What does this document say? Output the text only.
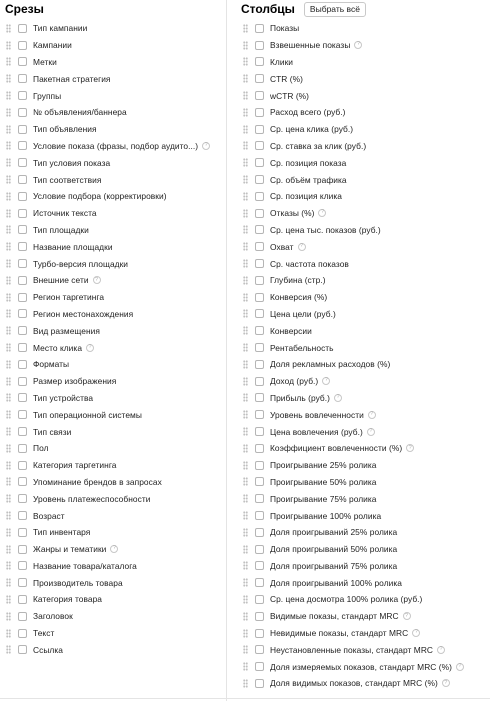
Срезы
Тип кампании
Кампании
Метки
Пакетная стратегия
Группы
№ объявления/баннера
Тип объявления
Условие показа (фразы, подбор аудито...)	?
Тип условия показа
Тип соответствия
Условие подбора (корректировки)
Источник текста
Тип площадки
Название площадки
Турбо-версия площадки
Внешние сети	?
Регион таргетинга
Регион местонахождения
Вид размещения
Место клика	?
Форматы
Размер изображения
Тип устройства
Тип операционной системы
Тип связи
Пол
Категория таргетинга
Упоминание брендов в запросах
Уровень платежеспособности
Возраст
Тип инвентаря
Жанры и тематики	?
Название товара/каталога
Производитель товара
Категория товара
Заголовок
Текст
Ссылка
Столбцы	Выбрать всё
Показы
Взвешенные показы	?
Клики
CTR (%)
wCTR (%)
Расход всего (руб.)
Ср. цена клика (руб.)
Ср. ставка за клик (руб.)
Ср. позиция показа
Ср. объём трафика
Ср. позиция клика
Отказы (%)	?
Ср. цена тыс. показов (руб.)
Охват	?
Ср. частота показов
Глубина (стр.)
Конверсия (%)
Цена цели (руб.)
Конверсии
Рентабельность
Доля рекламных расходов (%)
Доход (руб.)	?
Прибыль (руб.)	?
Уровень вовлеченности	?
Цена вовлечения (руб.)	?
Коэффициент вовлеченности (%)	?
Проигрывание 25% ролика
Проигрывание 50% ролика
Проигрывание 75% ролика
Проигрывание 100% ролика
Доля проигрываний 25% ролика
Доля проигрываний 50% ролика
Доля проигрываний 75% ролика
Доля проигрываний 100% ролика
Ср. цена досмотра 100% ролика (руб.)
Видимые показы, стандарт MRC	?
Невидимые показы, стандарт MRC	?
Неустановленные показы, стандарт MRC	?
Доля измеряемых показов, стандарт MRC (%)	?
Доля видимых показов, стандарт MRC (%)	?
